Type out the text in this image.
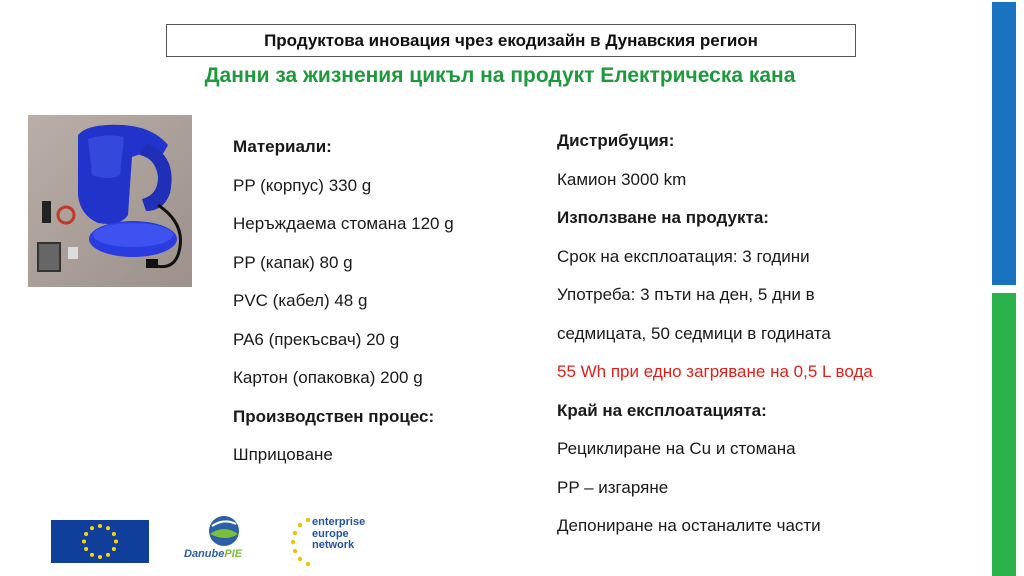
Продуктова иновация чрез екодизайн в Дунавския регион
Данни за жизнения цикъл на продукт Електрическа кана
Материали:
PP (корпус) 330 g
Неръждаема стомана 120 g
PP (капак) 80 g
PVC (кабел) 48 g
PA6 (прекъсвач) 20 g
Картон (опаковка) 200 g
Производствен процес:
Шприцоване
Дистрибуция:
Камион 3000 km
Използване на продукта:
Срок на експлоатация: 3 години
Употреба: 3 пъти на ден, 5 дни в
седмицата, 50 седмици в годината
55 Wh при едно загряване на 0,5 L вода
Край на експлоатацията:
Рециклиране на Cu и стомана
PP – изгаряне
Депониране на останалите части
DanubePIE
enterprise
europe
network
